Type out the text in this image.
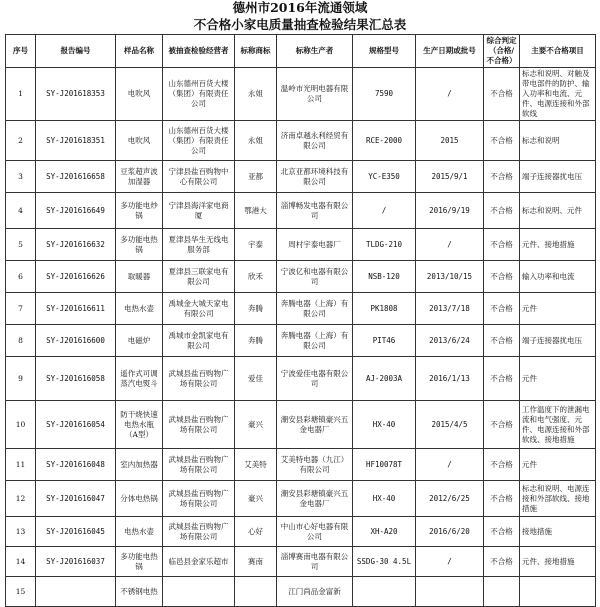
德州市2016年流通领域
不合格小家电质量抽查检验结果汇总表
序号	报告编号	样品名称	被抽查检验经营者	标称商标	标称生产者	规格型号	生产日期或批号	综合判定（合格/不合格）	主要不合格项目
1	SY-J201618353	电吹风	山东德州百货大楼（集团）有限责任公司	永姐	温岭市光明电器有限公司	7590	/	不合格	标志和说明、对触及带电部件的防护、输入功率和电流、元件、电源连接和外部软线
2	SY-J201618351	电吹风	山东德州百货大楼（集团）有限责任公司	永姐	济南卓越永利经贸有限公司	RCE-2000	2015	不合格	标志和说明
3	SY-J201616658	豆浆超声波加湿器	宁津县盐百购物中心有限公司	亚都	北京亚都环境科技有限公司	YC-E350	2015/9/1	不合格	端子连接器扰电压
4	SY-J201616649	多功能电炒锅	宁津县海洋家电商厦	鄂港大	淄博畅发电器有限公司	/	2016/9/19	不合格	标志和说明、元件
5	SY-J201616632	多功能电热锅	夏津县华生无线电服务部	宇泰	周村宇泰电器厂	TLDG-210	/	不合格	元件、接地措施
6	SY-J201616626	取暖器	夏津县三联家电有限公司	欣禾	宁波亿和电器有限公司	NSB-120	2013/10/15	不合格	输入功率和电流
7	SY-J201616611	电热水壶	禹城金大城天家电有限公司	奔腾	奔腾电器（上海）有限公司	PK1808	2013/7/18	不合格	元件
8	SY-J201616600	电磁炉	禹城市金凯家电有限公司	奔腾	奔腾电器（上海）有限公司	PIT46	2013/6/24	不合格	端子连接器扰电压
9	SY-J201616058	遥作式可调蒸汽电熨斗	武城县盐百购物广场有限公司	爱佳	宁波爱佳电器有限公司	AJ-2003A	2016/1/13	不合格	元件
10	SY-J201616054	防干烧快速电热水瓶（A型）	武城县盐百购物广场有限公司	豪兴	潮安县彩塘镇豪兴五金电器厂	HX-40	2015/4/5	不合格	工作温度下的泄漏电流和电气强度、元件、电源连接和外部软线、接地措施
11	SY-J201616048	室内加热器	武城县盐百购物广场有限公司	艾美特	艾美特电器（九江）有限公司	HF10078T	/	不合格	元件
12	SY-J201616047	分体电热锅	武城县盐百购物广场有限公司	豪兴	潮安县彩塘镇豪兴五金电器厂	HX-40	2012/6/25	不合格	标志和说明、电源连接和外部软线、接地措施
13	SY-J201616045	电热水壶	武城县盐百购物广场有限公司	心好	中山市心好电器有限公司	XH-A20	2016/6/20	不合格	接地措施
14	SY-J201616037	多功能电热锅	临邑县金家乐超市	赛南	淄博赛南电器有限公司	SSDG-30 4.5L	/	不合格	元件、接地措施
15		不锈钢电热			江门尚品金富新				
